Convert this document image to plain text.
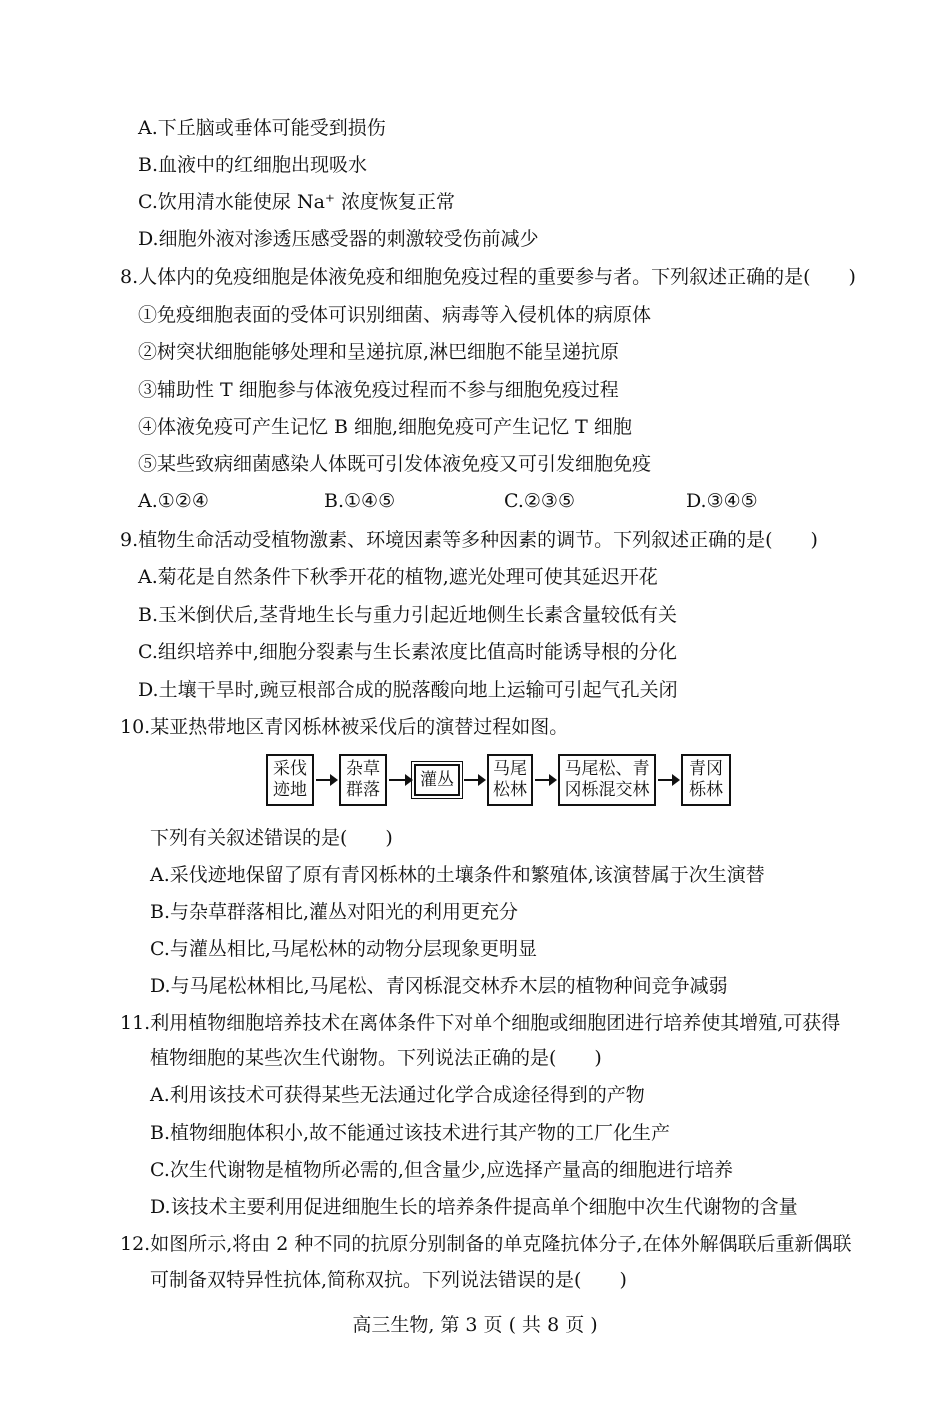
A.下丘脑或垂体可能受到损伤
B.血液中的红细胞出现吸水
C.饮用清水能使尿 Na⁺ 浓度恢复正常
D.细胞外液对渗透压感受器的刺激较受伤前减少
8.人体内的免疫细胞是体液免疫和细胞免疫过程的重要参与者。下列叙述正确的是(　　)
①免疫细胞表面的受体可识别细菌、病毒等入侵机体的病原体
②树突状细胞能够处理和呈递抗原,淋巴细胞不能呈递抗原
③辅助性 T 细胞参与体液免疫过程而不参与细胞免疫过程
④体液免疫可产生记忆 B 细胞,细胞免疫可产生记忆 T 细胞
⑤某些致病细菌感染人体既可引发体液免疫又可引发细胞免疫
A.①②④	B.①④⑤	C.②③⑤	D.③④⑤
9.植物生命活动受植物激素、环境因素等多种因素的调节。下列叙述正确的是(　　)
A.菊花是自然条件下秋季开花的植物,遮光处理可使其延迟开花
B.玉米倒伏后,茎背地生长与重力引起近地侧生长素含量较低有关
C.组织培养中,细胞分裂素与生长素浓度比值高时能诱导根的分化
D.土壤干旱时,豌豆根部合成的脱落酸向地上运输可引起气孔关闭
10.某亚热带地区青冈栎林被采伐后的演替过程如图。
采伐
迹地
杂草
群落
灌丛
马尾
松林
马尾松、青
冈栎混交林
青冈
栎林
下列有关叙述错误的是(　　)
A.采伐迹地保留了原有青冈栎林的土壤条件和繁殖体,该演替属于次生演替
B.与杂草群落相比,灌丛对阳光的利用更充分
C.与灌丛相比,马尾松林的动物分层现象更明显
D.与马尾松林相比,马尾松、青冈栎混交林乔木层的植物种间竞争减弱
11.利用植物细胞培养技术在离体条件下对单个细胞或细胞团进行培养使其增殖,可获得
植物细胞的某些次生代谢物。下列说法正确的是(　　)
A.利用该技术可获得某些无法通过化学合成途径得到的产物
B.植物细胞体积小,故不能通过该技术进行其产物的工厂化生产
C.次生代谢物是植物所必需的,但含量少,应选择产量高的细胞进行培养
D.该技术主要利用促进细胞生长的培养条件提高单个细胞中次生代谢物的含量
12.如图所示,将由 2 种不同的抗原分别制备的单克隆抗体分子,在体外解偶联后重新偶联
可制备双特异性抗体,简称双抗。下列说法错误的是(　　)
高三生物, 第 3 页 ( 共 8 页 )
